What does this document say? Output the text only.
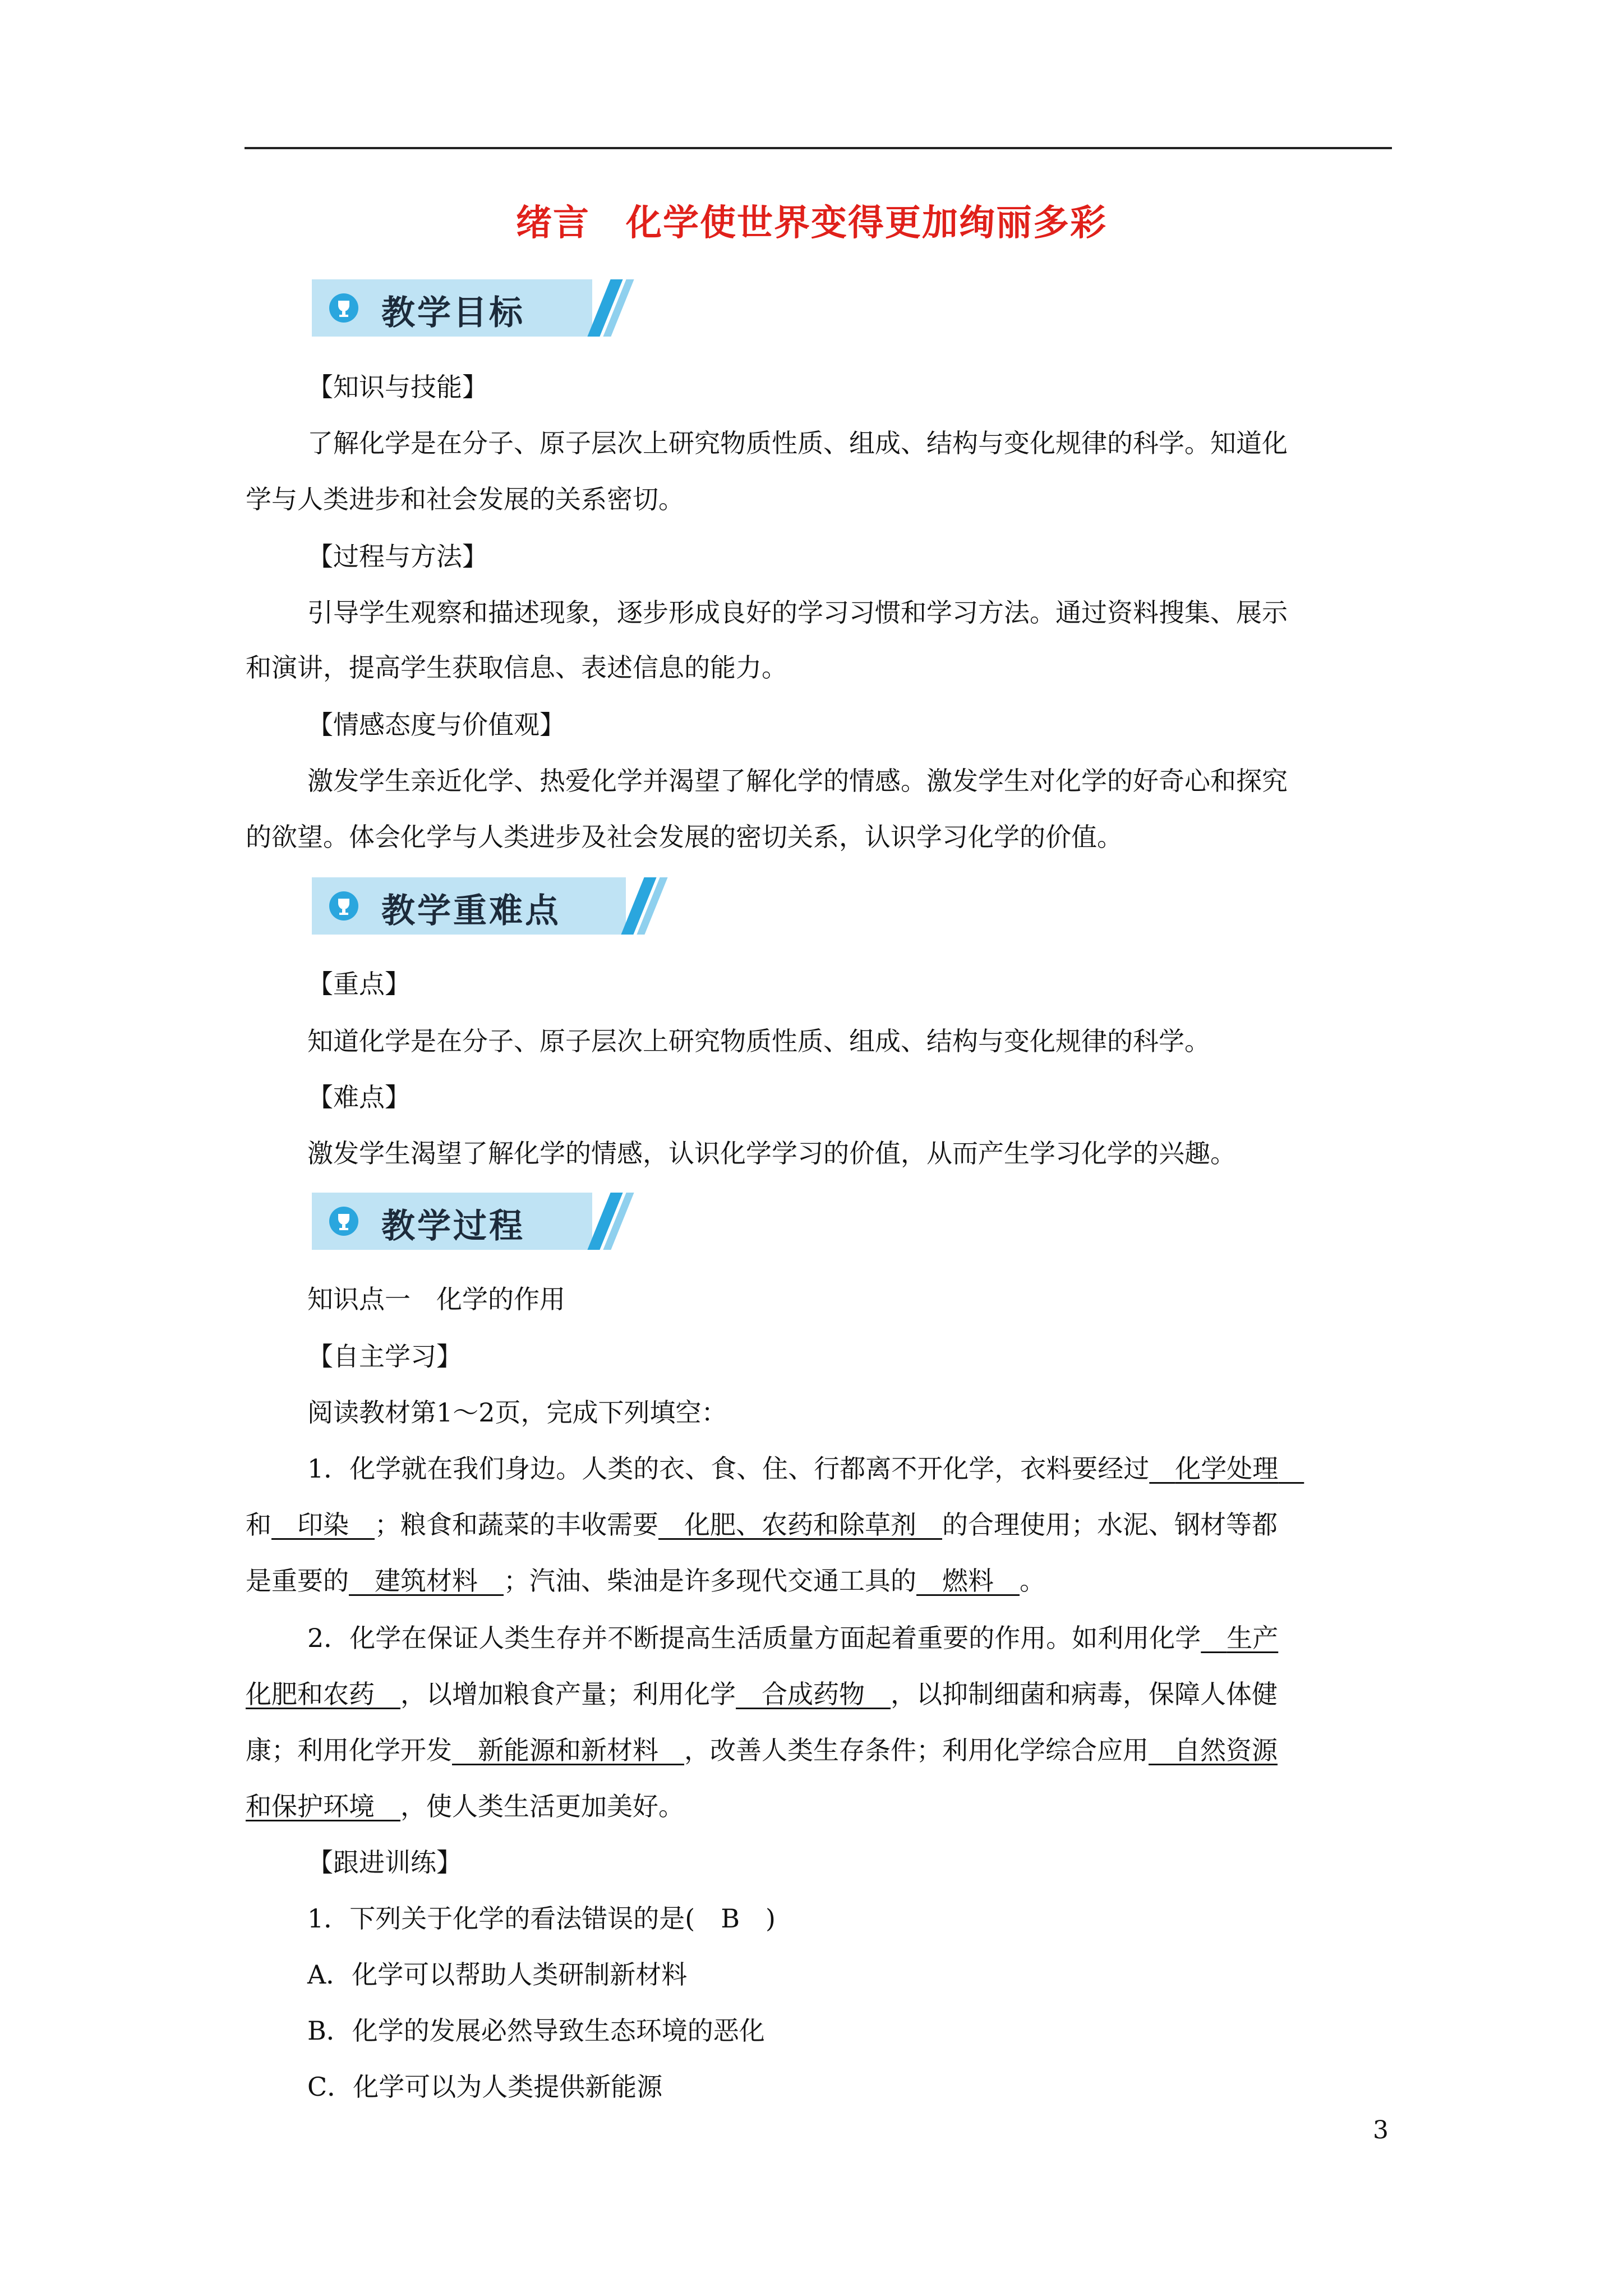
绪言 化学使世界变得更加绚丽多彩
教学目标
【知识与技能】
了解化学是在分子、原子层次上研究物质性质、组成、结构与变化规律的科学。知道化
学与人类进步和社会发展的关系密切。
【过程与方法】
引导学生观察和描述现象，逐步形成良好的学习习惯和学习方法。通过资料搜集、展示
和演讲，提高学生获取信息、表述信息的能力。
【情感态度与价值观】
激发学生亲近化学、热爱化学并渴望了解化学的情感。激发学生对化学的好奇心和探究
的欲望。体会化学与人类进步及社会发展的密切关系，认识学习化学的价值。
教学重难点
【重点】
知道化学是在分子、原子层次上研究物质性质、组成、结构与变化规律的科学。
【难点】
激发学生渴望了解化学的情感，认识化学学习的价值，从而产生学习化学的兴趣。
教学过程
知识点一　化学的作用
【自主学习】
阅读教材第1～2页，完成下列填空：
1．化学就在我们身边。人类的衣、食、住、行都离不开化学，衣料要经过　 化学处理　
和　 印染　 ；粮食和蔬菜的丰收需要　 化肥、农药和除草剂　 的合理使用；水泥、钢材等都
是重要的　 建筑材料　 ；汽油、柴油是许多现代交通工具的　 燃料　 。
2．化学在保证人类生存并不断提高生活质量方面起着重要的作用。如利用化学　 生产
化肥和农药　 ，以增加粮食产量；利用化学　 合成药物　 ，以抑制细菌和病毒，保障人体健
康；利用化学开发　 新能源和新材料　 ，改善人类生存条件；利用化学综合应用　 自然资源
和保护环境　 ，使人类生活更加美好。
【跟进训练】
1．下列关于化学的看法错误的是(　 B　 )
A．化学可以帮助人类研制新材料
B．化学的发展必然导致生态环境的恶化
C．化学可以为人类提供新能源
3
